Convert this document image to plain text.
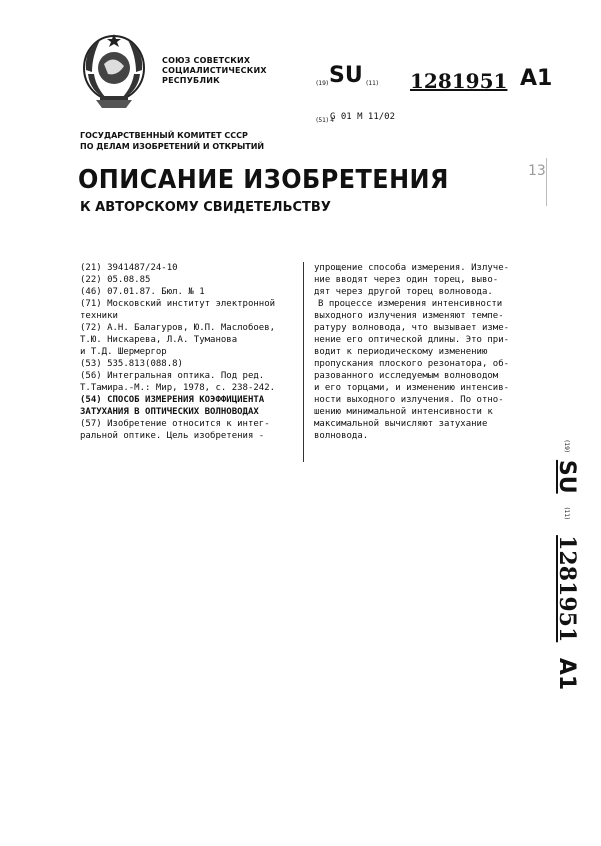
СОЮЗ СОВЕТСКИХ
СОЦИАЛИСТИЧЕСКИХ
РЕСПУБЛИК	(19) SU (11) 1281951 A1
(51) 4
G 01 M 11/02
13
ГОСУДАРСТВЕННЫЙ КОМИТЕТ СССР
ПО ДЕЛАМ ИЗОБРЕТЕНИЙ И ОТКРЫТИЙ
ОПИСАНИЕ ИЗОБРЕТЕНИЯ
К АВТОРСКОМУ СВИДЕТЕЛЬСТВУ
(21) 3941487/24-10
(22) 05.08.85
(46) 07.01.87. Бюл. № 1
(71) Московский институт электронной
техники
(72) А.Н. Балагуров, Ю.П. Маслобоев,
Т.Ю. Нискарева, Л.А. Туманова
и Т.Д. Шермергор
(53) 535.813(088.8)
(56) Интегральная оптика. Под ред.
Т.Тамира.-М.: Мир, 1978, с. 238-242.
(54) СПОСОБ ИЗМЕРЕНИЯ КОЭФФИЦИЕНТА
ЗАТУХАНИЯ В ОПТИЧЕСКИХ ВОЛНОВОДАХ
(57) Изобретение относится к интег-
ральной оптике. Цель изобретения -
упрощение способа измерения. Излуче-
ние вводят через один торец, выво-
дят через другой торец волновода.
В процессе измерения интенсивности
выходного излучения изменяют темпе-
ратуру волновода, что вызывает изме-
нение его оптической длины. Это при-
водит к периодическому изменению
пропускания плоского резонатора, об-
разованного исследуемым волноводом
и его торцами, и изменению интенсив-
ности выходного излучения. По отно-
шению минимальной интенсивности к
максимальной вычисляют затухание
волновода.
(19) SU (11) 1281951 A1
